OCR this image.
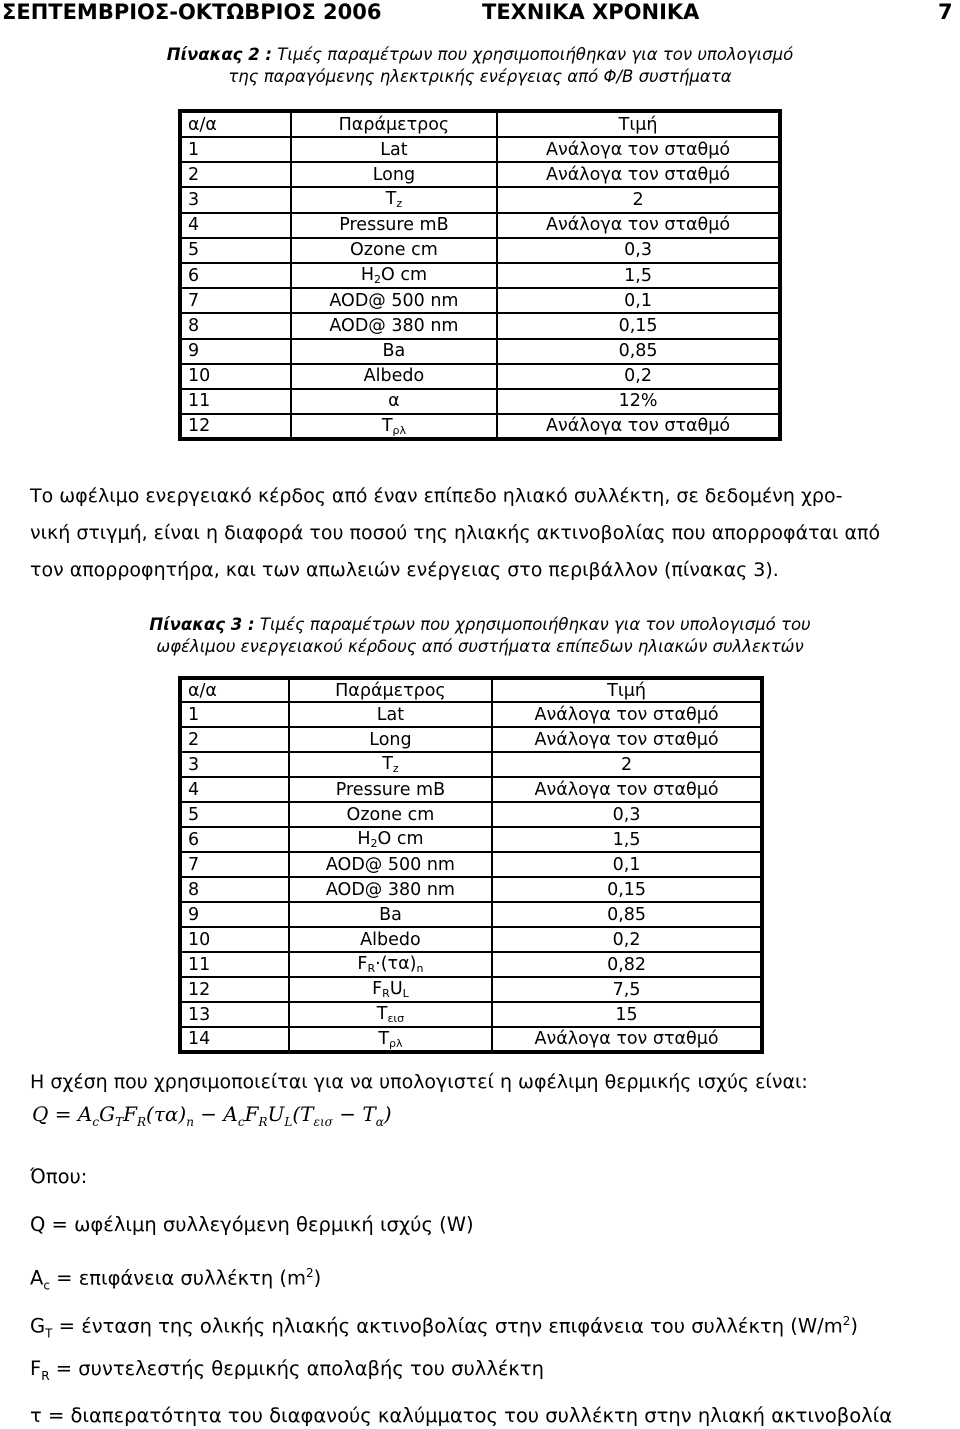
ΣΕΠΤΕΜΒΡΙΟΣ-ΟΚΤΩΒΡΙΟΣ 2006	ΤΕΧΝΙΚΑ ΧΡΟΝΙΚΑ	7
Πίνακας 2 : Τιμές παραμέτρων που χρησιμοποιήθηκαν για τον υπολογισμό
της παραγόμενης ηλεκτρικής ενέργειας από Φ/Β συστήματα
α/α	Παράμετρος	Τιμή
1	Lat	Ανάλογα τον σταθμό
2	Long	Ανάλογα τον σταθμό
3	$T_z$	2
4	Pressure mB	Ανάλογα τον σταθμό
5	Ozone cm	0,3
6	$H_2O$ cm	1,5
7	AOD@ 500 nm	0,1
8	AOD@ 380 nm	0,15
9	Ba	0,85
10	Albedo	0,2
11	α	12%
12	$T_{\rho\lambda}$	Ανάλογα τον σταθμό
Το ωφέλιμο ενεργειακό κέρδος από έναν επίπεδο ηλιακό συλλέκτη, σε δεδομένη χρο-
νική στιγμή, είναι η διαφορά του ποσού της ηλιακής ακτινοβολίας που απορροφάται από
τον απορροφητήρα, και των απωλειών ενέργειας στο περιβάλλον (πίνακας 3).
Πίνακας 3 : Τιμές παραμέτρων που χρησιμοποιήθηκαν για τον υπολογισμό του
ωφέλιμου ενεργειακού κέρδους από συστήματα επίπεδων ηλιακών συλλεκτών
α/α	Παράμετρος	Τιμή
1	Lat	Ανάλογα τον σταθμό
2	Long	Ανάλογα τον σταθμό
3	$T_z$	2
4	Pressure mB	Ανάλογα τον σταθμό
5	Ozone cm	0,3
6	$H_2O$ cm	1,5
7	AOD@ 500 nm	0,1
8	AOD@ 380 nm	0,15
9	Ba	0,85
10	Albedo	0,2
11	$F_R\cdot(\tau\alpha)_n$	0,82
12	$F_RU_L$	7,5
13	$T_{\varepsilon\iota\sigma}$	15
14	$T_{\rho\lambda}$	Ανάλογα τον σταθμό
Η σχέση που χρησιμοποιείται για να υπολογιστεί η ωφέλιμη θερμικής ισχύς είναι:
$Q = A_cG_TF_R(\tau\alpha)_n - A_cF_RU_L(T_{\varepsilon\iota\sigma} - T_\alpha)$
Όπου:
Q = ωφέλιμη συλλεγόμενη θερμική ισχύς (W)
$A_c = \varepsilon\pi\iota\varphi ά\nu\varepsilon\iota\alpha$ συλλέκτη $(m^2)$
$G_T = έ\nu\tau\alpha\sigma\eta$ της ολικής ηλιακής ακτινοβολίας στην επιφάνεια του συλλέκτη $(W/m^2)$
$F_R = \sigma\upsilon\nu\tau\varepsilon\lambda\varepsilon\sigma\tau ή\varsigma$ θερμικής απολαβής του συλλέκτη
τ = διαπερατότητα του διαφανούς καλύμματος του συλλέκτη στην ηλιακή ακτινοβολία
